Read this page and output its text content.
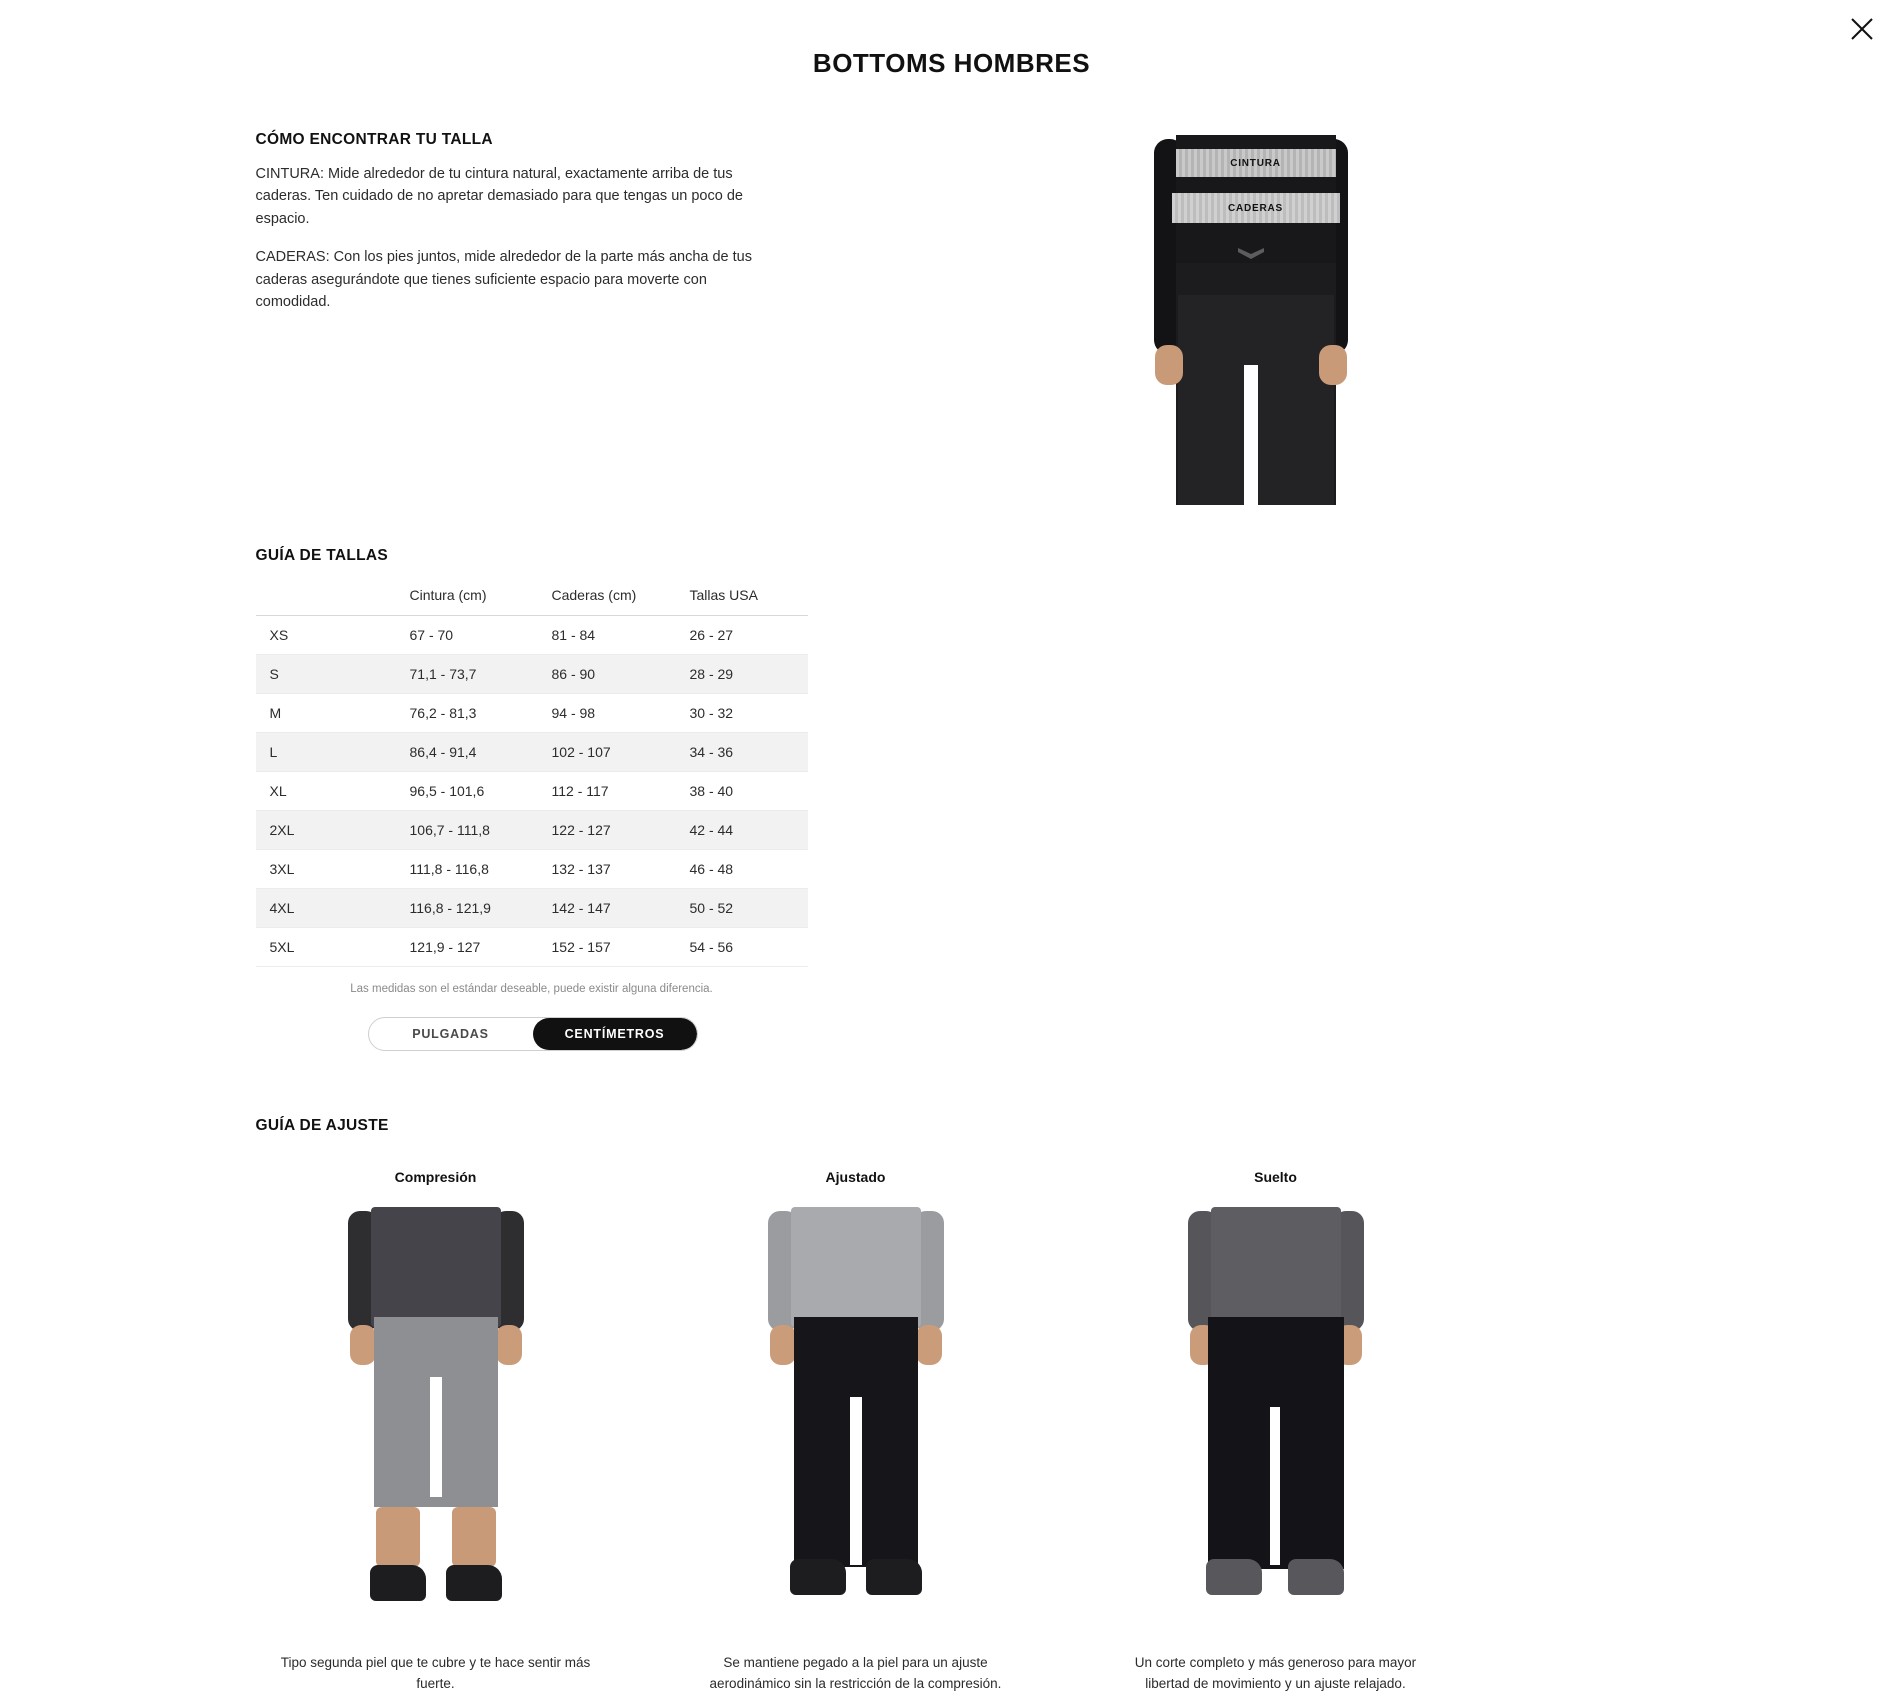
BOTTOMS HOMBRES
CÓMO ENCONTRAR TU TALLA

CINTURA: Mide alrededor de tu cintura natural, exactamente arriba de tus caderas. Ten cuidado de no apretar demasiado para que tengas un poco de espacio.

CADERAS: Con los pies juntos, mide alrededor de la parte más ancha de tus caderas asegurándote que tienes suficiente espacio para moverte con comodidad.

CINTURA
CADERAS
GUÍA DE TALLAS
	Cintura (cm)	Caderas (cm)	Tallas USA
XS	67 - 70	81 - 84	26 - 27
S	71,1 - 73,7	86 - 90	28 - 29
M	76,2 - 81,3	94 - 98	30 - 32
L	86,4 - 91,4	102 - 107	34 - 36
XL	96,5 - 101,6	112 - 117	38 - 40
2XL	106,7 - 111,8	122 - 127	42 - 44
3XL	111,8 - 116,8	132 - 137	46 - 48
4XL	116,8 - 121,9	142 - 147	50 - 52
5XL	121,9 - 127	152 - 157	54 - 56
Las medidas son el estándar deseable, puede existir alguna diferencia.
PULGADAS	CENTÍMETROS
GUÍA DE AJUSTE
Compresión
Tipo segunda piel que te cubre y te hace sentir más fuerte.
Ajustado
Se mantiene pegado a la piel para un ajuste aerodinámico sin la restricción de la compresión.
Suelto
Un corte completo y más generoso para mayor libertad de movimiento y un ajuste relajado.
